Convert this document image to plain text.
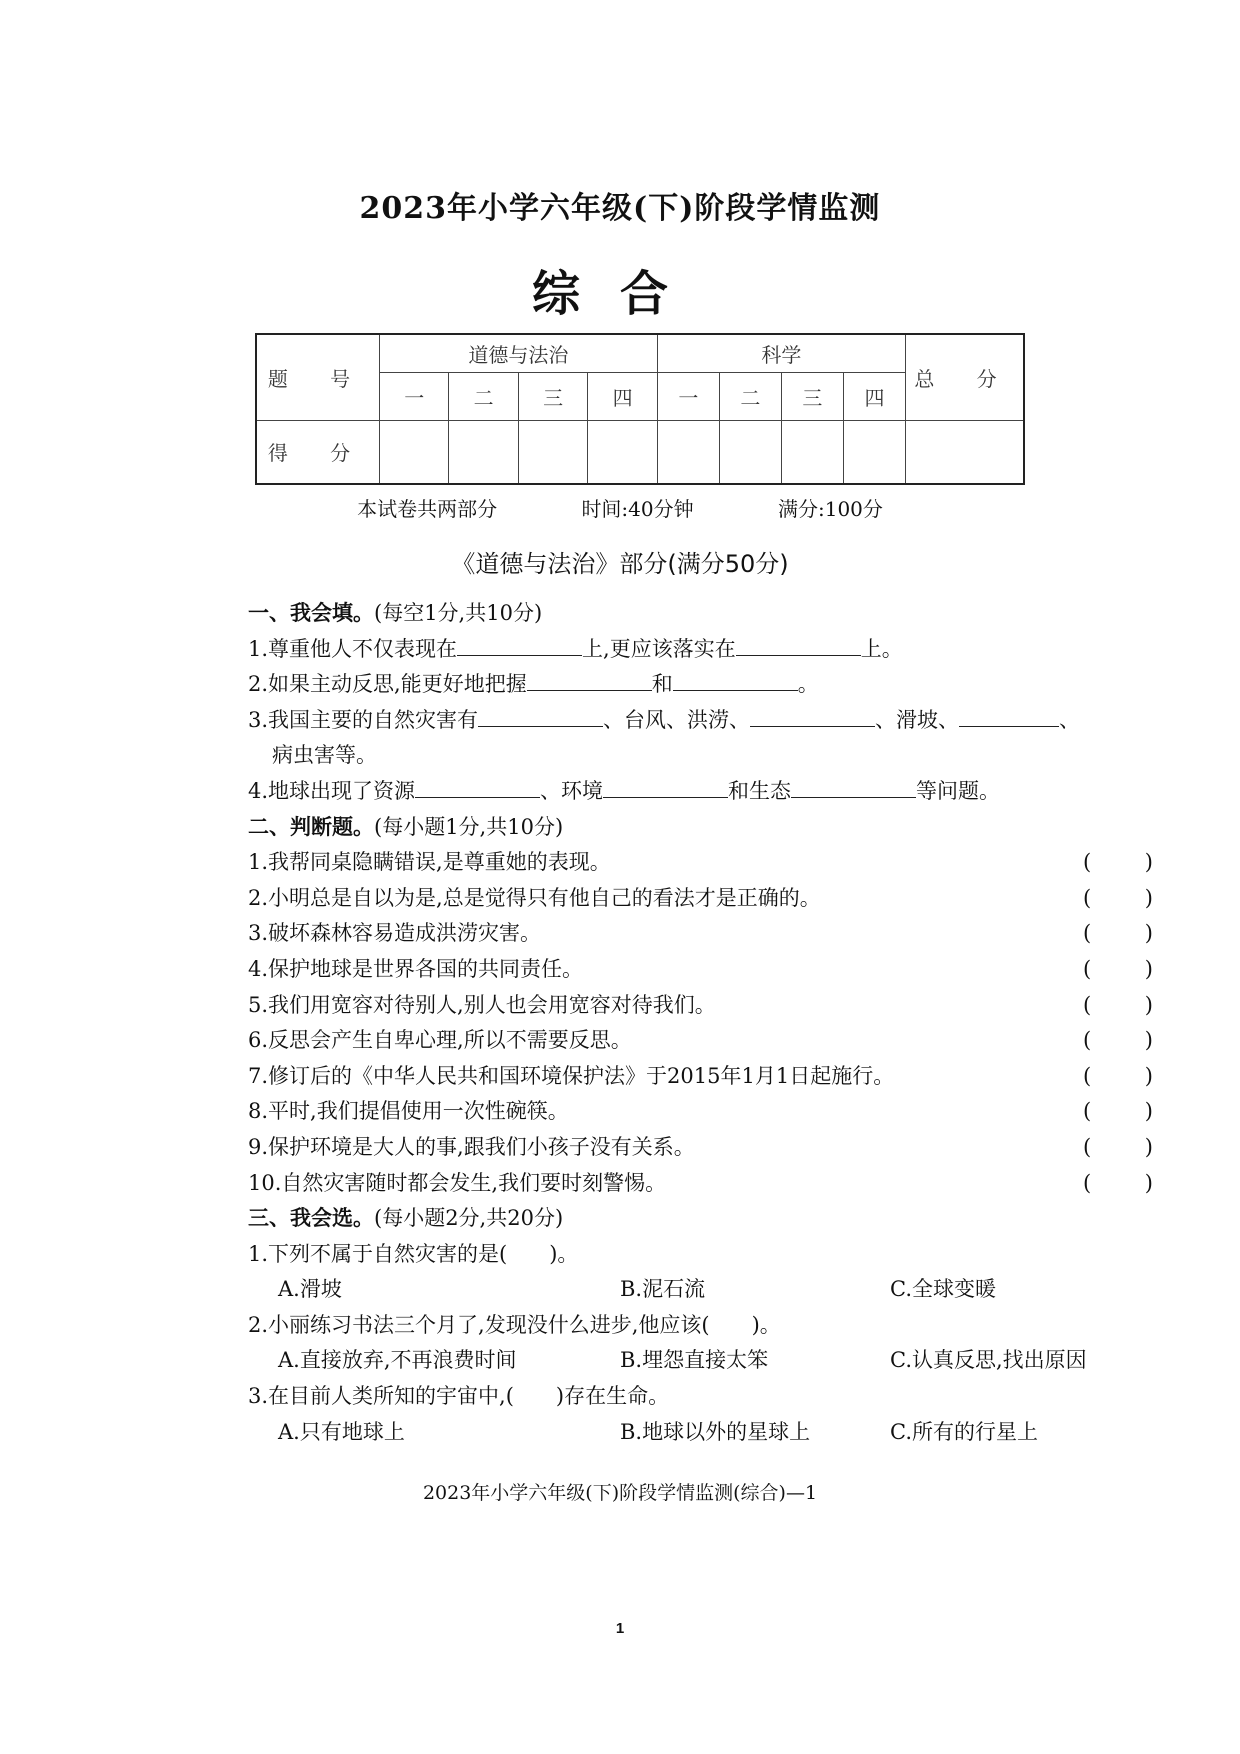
2023年小学六年级(下)阶段学情监测
综合
题 号	道德与法治				科学				总 分
	一	二	三	四	一	二	三	四	
得 分									
本试卷共两部分	时间:40分钟	满分:100分
《道德与法治》部分(满分50分)
一、我会填。(每空1分,共10分)
1.尊重他人不仅表现在	上,更应该落实在	上。
2.如果主动反思,能更好地把握	和	。
3.我国主要的自然灾害有	、台风、洪涝、	、滑坡、	、
病虫害等。
4.地球出现了资源	、环境	和生态	等问题。
二、判断题。(每小题1分,共10分)
1.我帮同桌隐瞒错误,是尊重她的表现。	(	)
2.小明总是自以为是,总是觉得只有他自己的看法才是正确的。	(	)
3.破坏森林容易造成洪涝灾害。	(	)
4.保护地球是世界各国的共同责任。	(	)
5.我们用宽容对待别人,别人也会用宽容对待我们。	(	)
6.反思会产生自卑心理,所以不需要反思。	(	)
7.修订后的《中华人民共和国环境保护法》于2015年1月1日起施行。	(	)
8.平时,我们提倡使用一次性碗筷。	(	)
9.保护环境是大人的事,跟我们小孩子没有关系。	(	)
10.自然灾害随时都会发生,我们要时刻警惕。	(	)
三、我会选。(每小题2分,共20分)
1.下列不属于自然灾害的是(　　)。
A.滑坡	B.泥石流	C.全球变暖
2.小丽练习书法三个月了,发现没什么进步,他应该(　　)。
A.直接放弃,不再浪费时间	B.埋怨直接太笨	C.认真反思,找出原因
3.在目前人类所知的宇宙中,(　　)存在生命。
A.只有地球上	B.地球以外的星球上	C.所有的行星上
2023年小学六年级(下)阶段学情监测(综合)—1
1
